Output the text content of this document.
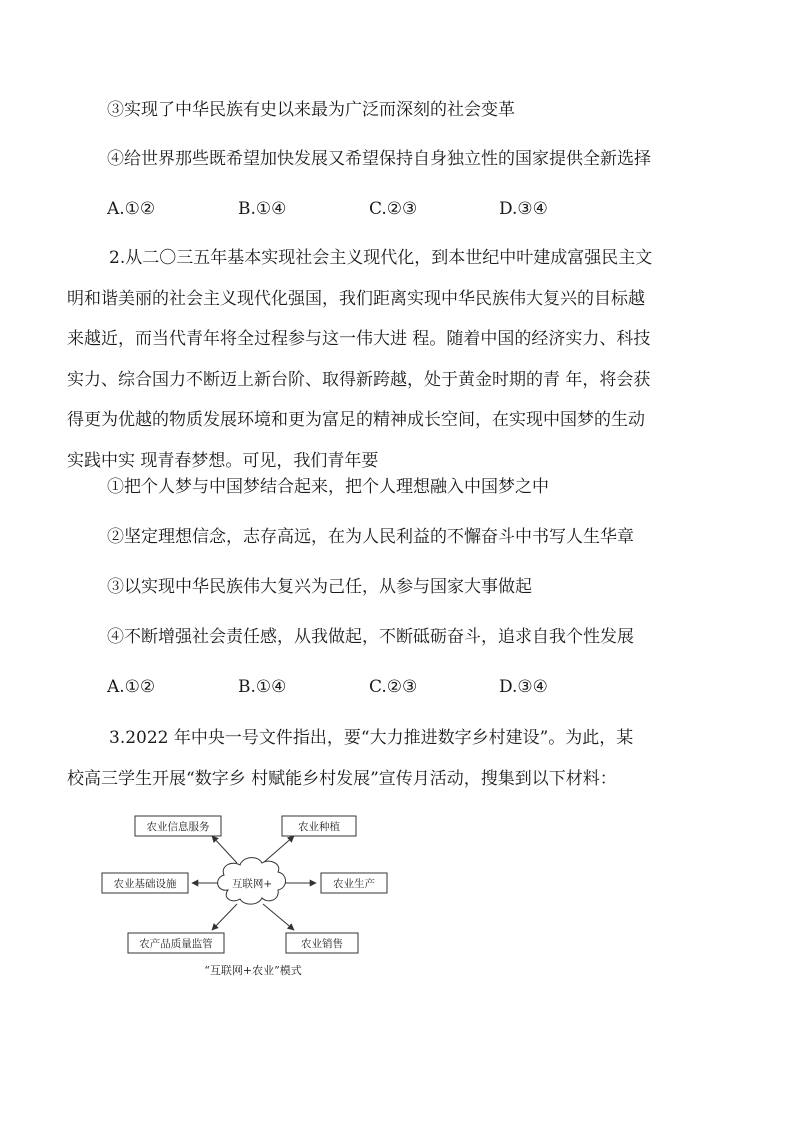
③实现了中华民族有史以来最为广泛而深刻的社会变革
④给世界那些既希望加快发展又希望保持自身独立性的国家提供全新选择
A.①②	B.①④	C.②③	D.③④
2.从二〇三五年基本实现社会主义现代化，到本世纪中叶建成富强民主文
明和谐美丽的社会主义现代化强国，我们距离实现中华民族伟大复兴的目标越
来越近，而当代青年将全过程参与这一伟大进 程。随着中国的经济实力、科技
实力、综合国力不断迈上新台阶、取得新跨越，处于黄金时期的青 年，将会获
得更为优越的物质发展环境和更为富足的精神成长空间，在实现中国梦的生动
实践中实 现青春梦想。可见，我们青年要
①把个人梦与中国梦结合起来，把个人理想融入中国梦之中
②坚定理想信念，志存高远，在为人民利益的不懈奋斗中书写人生华章
③以实现中华民族伟大复兴为己任，从参与国家大事做起
④不断增强社会责任感，从我做起，不断砥砺奋斗，追求自我个性发展
A.①②	B.①④	C.②③	D.③④
3.2022 年中央一号文件指出，要“大力推进数字乡村建设”。为此，某
校高三学生开展“数字乡 村赋能乡村发展”宣传月活动，搜集到以下材料：
互联网+
农业信息服务	农业种植
农业基础设施	农业生产
农产品质量监管	农业销售
“互联网+农业”模式
